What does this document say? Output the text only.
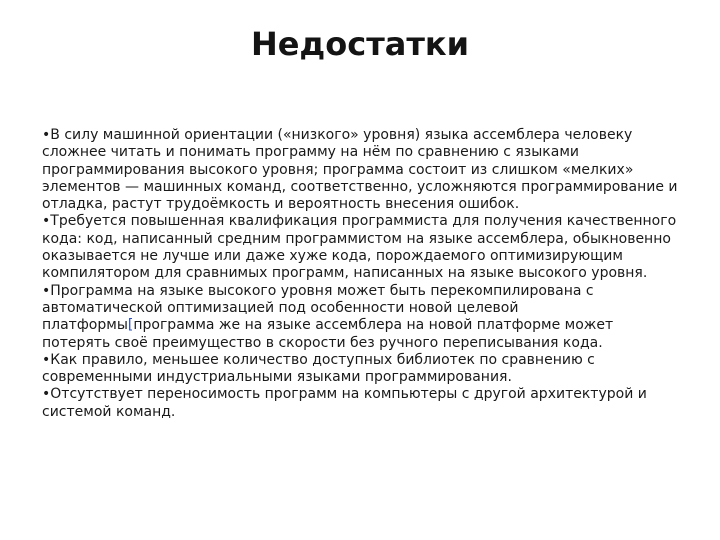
Недостатки

•В силу машинной ориентации («низкого» уровня) языка ассемблера человеку сложнее читать и понимать программу на нём по сравнению с языками программирования высокого уровня; программа состоит из слишком «мелких» элементов — машинных команд, соответственно, усложняются программирование и отладка, растут трудоёмкость и вероятность внесения ошибок.

•Требуется повышенная квалификация программиста для получения качественного кода: код, написанный средним программистом на языке ассемблера, обыкновенно оказывается не лучше или даже хуже кода, порождаемого оптимизирующим компилятором для сравнимых программ, написанных на языке высокого уровня.

•Программа на языке высокого уровня может быть перекомпилирована с автоматической оптимизацией под особенности новой целевой платформы[программа же на языке ассемблера на новой платформе может потерять своё преимущество в скорости без ручного переписывания кода.

•Как правило, меньшее количество доступных библиотек по сравнению с современными индустриальными языками программирования.

•Отсутствует переносимость программ на компьютеры с другой архитектурой и системой команд.
